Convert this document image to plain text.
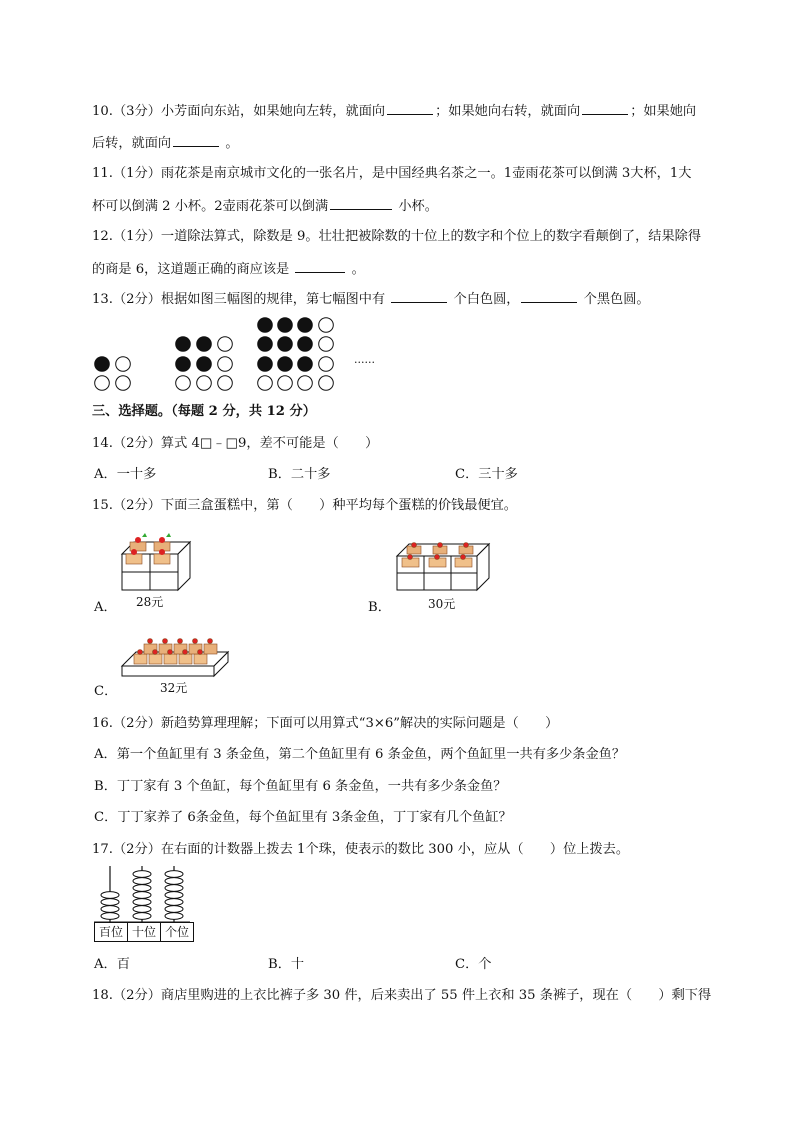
10.（3分）小芳面向东站，如果她向左转，就面向	；如果她向右转，就面向	；如果她向
后转，就面向	。
11.（1分）雨花茶是南京城市文化的一张名片，是中国经典名茶之一。1壶雨花茶可以倒满 3大杯，1大
杯可以倒满 2 小杯。2壶雨花茶可以倒满	小杯。
12.（1分）一道除法算式，除数是 9。壮壮把被除数的十位上的数字和个位上的数字看颠倒了，结果除得
的商是 6，这道题正确的商应该是	。
13.（2分）根据如图三幅图的规律，第七幅图中有	个白色圆，	个黑色圆。
......
三、选择题。（每题 2 分，共 12 分）
14.（2分）算式 4□﹣□9，差不可能是（　　）
A．一十多	B．二十多	C．三十多
15.（2分）下面三盒蛋糕中，第（　　）种平均每个蛋糕的价钱最便宜。
A． 28元	B．	30元
C．	32元
16.（2分）新趋势算理理解；下面可以用算式“3×6”解决的实际问题是（　　）
A．第一个鱼缸里有 3 条金鱼，第二个鱼缸里有 6 条金鱼，两个鱼缸里一共有多少条金鱼？
B．丁丁家有 3 个鱼缸，每个鱼缸里有 6 条金鱼，一共有多少条金鱼？
C．丁丁家养了 6条金鱼，每个鱼缸里有 3条金鱼，丁丁家有几个鱼缸？
17.（2分）在右面的计数器上拨去 1个珠，使表示的数比 300 小，应从（　　）位上拨去。
百位 十位 个位
A．百	B．十	C．个
18.（2分）商店里购进的上衣比裤子多 30 件，后来卖出了 55 件上衣和 35 条裤子，现在（　　）剩下得
